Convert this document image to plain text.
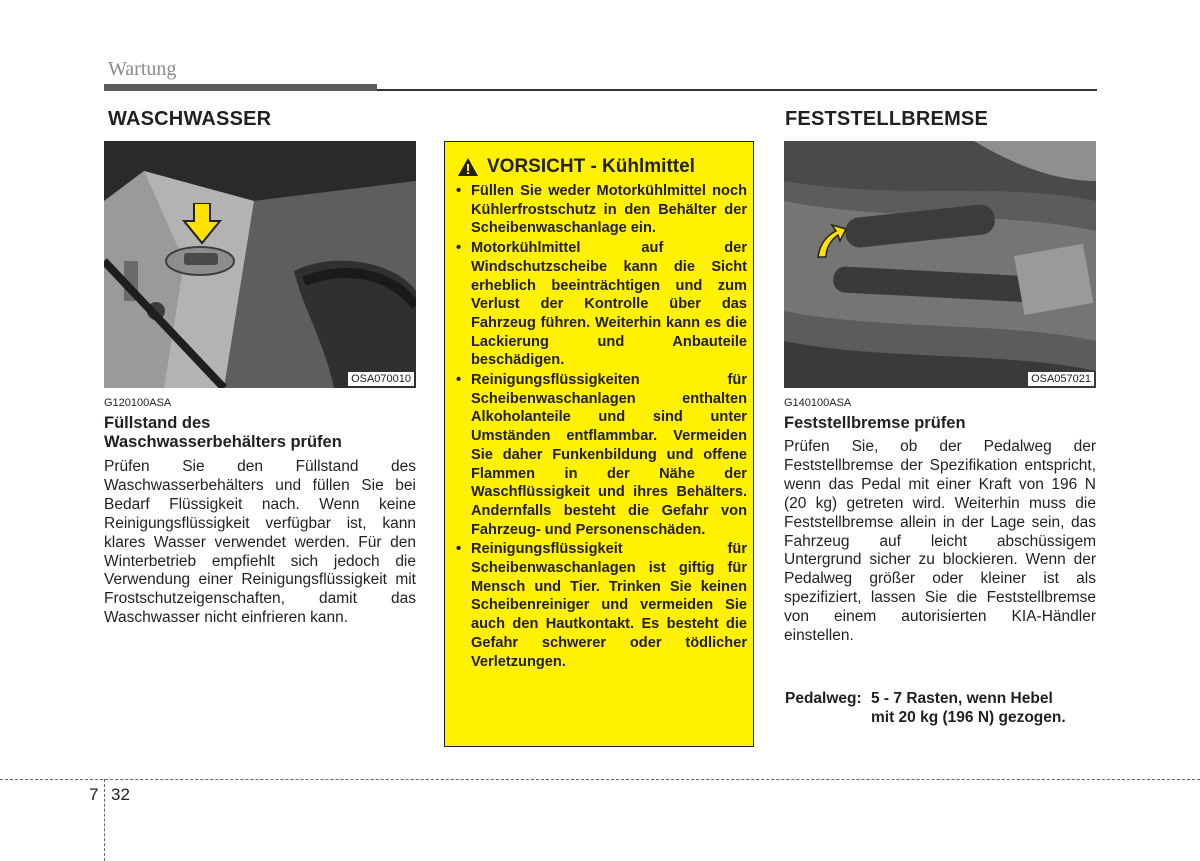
Wartung
WASCHWASSER
OSA070010
G120100ASA
Füllstand des
Waschwasserbehälters prüfen
Prüfen Sie den Füllstand des Waschwasserbehälters und füllen Sie bei Bedarf Flüssigkeit nach. Wenn keine Reinigungsflüssigkeit verfügbar ist, kann klares Wasser verwendet werden. Für den Winterbetrieb empfiehlt sich jedoch die Verwendung einer Reinigungsflüssigkeit mit Frostschutzeigenschaften, damit das Waschwasser nicht einfrieren kann.
VORSICHT - Kühlmittel
• Füllen Sie weder Motorkühlmittel noch Kühlerfrostschutz in den Behälter der Scheibenwaschanlage ein.
• Motorkühlmittel auf der Windschutzscheibe kann die Sicht erheblich beeinträchtigen und zum Verlust der Kontrolle über das Fahrzeug führen. Weiterhin kann es die Lackierung und Anbauteile beschädigen.
• Reinigungsflüssigkeiten für Scheibenwaschanlagen enthalten Alkoholanteile und sind unter Umständen entflammbar. Vermeiden Sie daher Funkenbildung und offene Flammen in der Nähe der Waschflüssigkeit und ihres Behälters. Andernfalls besteht die Gefahr von Fahrzeug- und Personenschäden.
• Reinigungsflüssigkeit für Scheibenwaschanlagen ist giftig für Mensch und Tier. Trinken Sie keinen Scheibenreiniger und vermeiden Sie auch den Hautkontakt. Es besteht die Gefahr schwerer oder tödlicher Verletzungen.
FESTSTELLBREMSE
OSA057021
G140100ASA
Feststellbremse prüfen
Prüfen Sie, ob der Pedalweg der Feststellbremse der Spezifikation entspricht, wenn das Pedal mit einer Kraft von 196 N (20 kg) getreten wird. Weiterhin muss die Feststellbremse allein in der Lage sein, das Fahrzeug auf leicht abschüssigem Untergrund sicher zu blockieren. Wenn der Pedalweg größer oder kleiner ist als spezifiziert, lassen Sie die Feststellbremse von einem autorisierten KIA-Händler einstellen.
Pedalweg: 5 - 7 Rasten, wenn Hebel
mit 20 kg (196 N) gezogen.
7 32
